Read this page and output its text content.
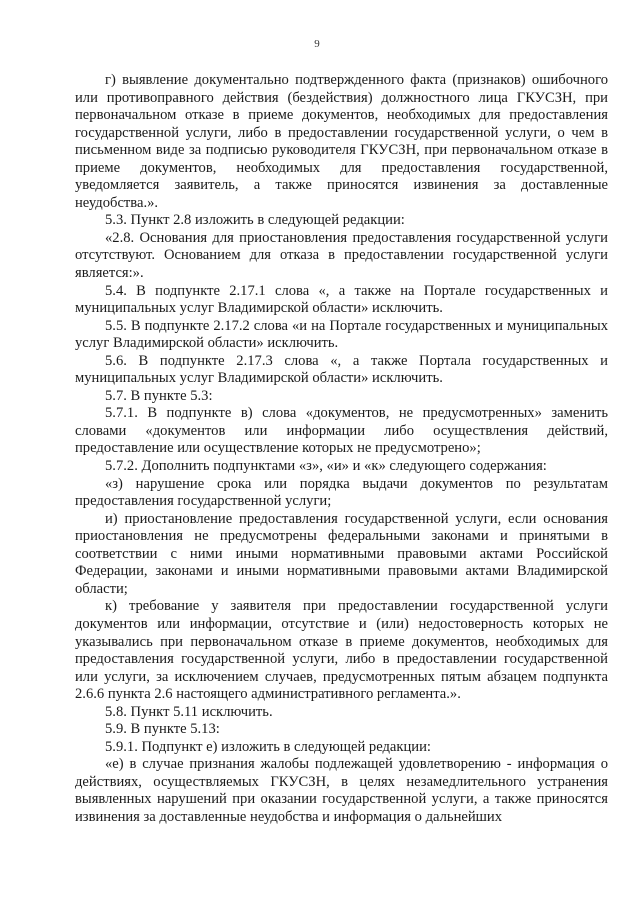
9

г) выявление документально подтвержденного факта (признаков) ошибочного или противоправного действия (бездействия) должностного лица ГКУСЗН, при первоначальном отказе в приеме документов, необходимых для предоставления государственной услуги, либо в предоставлении государственной услуги, о чем в письменном виде за подписью руководителя ГКУСЗН, при первоначальном отказе в приеме документов, необходимых для предоставления государственной, уведомляется заявитель, а также приносятся извинения за доставленные неудобства.».

5.3. Пункт 2.8 изложить в следующей редакции:

«2.8. Основания для приостановления предоставления государственной услуги отсутствуют. Основанием для отказа в предоставлении государственной услуги является:».

5.4. В подпункте 2.17.1 слова «, а также на Портале государственных и муниципальных услуг Владимирской области» исключить.

5.5. В подпункте 2.17.2 слова «и на Портале государственных и муниципальных услуг Владимирской области» исключить.

5.6. В подпункте 2.17.3 слова «, а также Портала государственных и муниципальных услуг Владимирской области» исключить.

5.7. В пункте 5.3:

5.7.1. В подпункте в) слова «документов, не предусмотренных» заменить словами «документов или информации либо осуществления действий, предоставление или осуществление которых не предусмотрено»;

5.7.2. Дополнить подпунктами «з», «и» и «к» следующего содержания:

«з) нарушение срока или порядка выдачи документов по результатам предоставления государственной услуги;

и) приостановление предоставления государственной услуги, если основания приостановления не предусмотрены федеральными законами и принятыми в соответствии с ними иными нормативными правовыми актами Российской Федерации, законами и иными нормативными правовыми актами Владимирской области;

к) требование у заявителя при предоставлении государственной услуги документов или информации, отсутствие и (или) недостоверность которых не указывались при первоначальном отказе в приеме документов, необходимых для предоставления государственной услуги, либо в предоставлении государственной или услуги, за исключением случаев, предусмотренных пятым абзацем подпункта 2.6.6 пункта 2.6 настоящего административного регламента.».

5.8. Пункт 5.11 исключить.

5.9. В пункте 5.13:

5.9.1. Подпункт е) изложить в следующей редакции:

«е) в случае признания жалобы подлежащей удовлетворению - информация о действиях, осуществляемых ГКУСЗН, в целях незамедлительного устранения выявленных нарушений при оказании государственной услуги, а также приносятся извинения за доставленные неудобства и информация о дальнейших
